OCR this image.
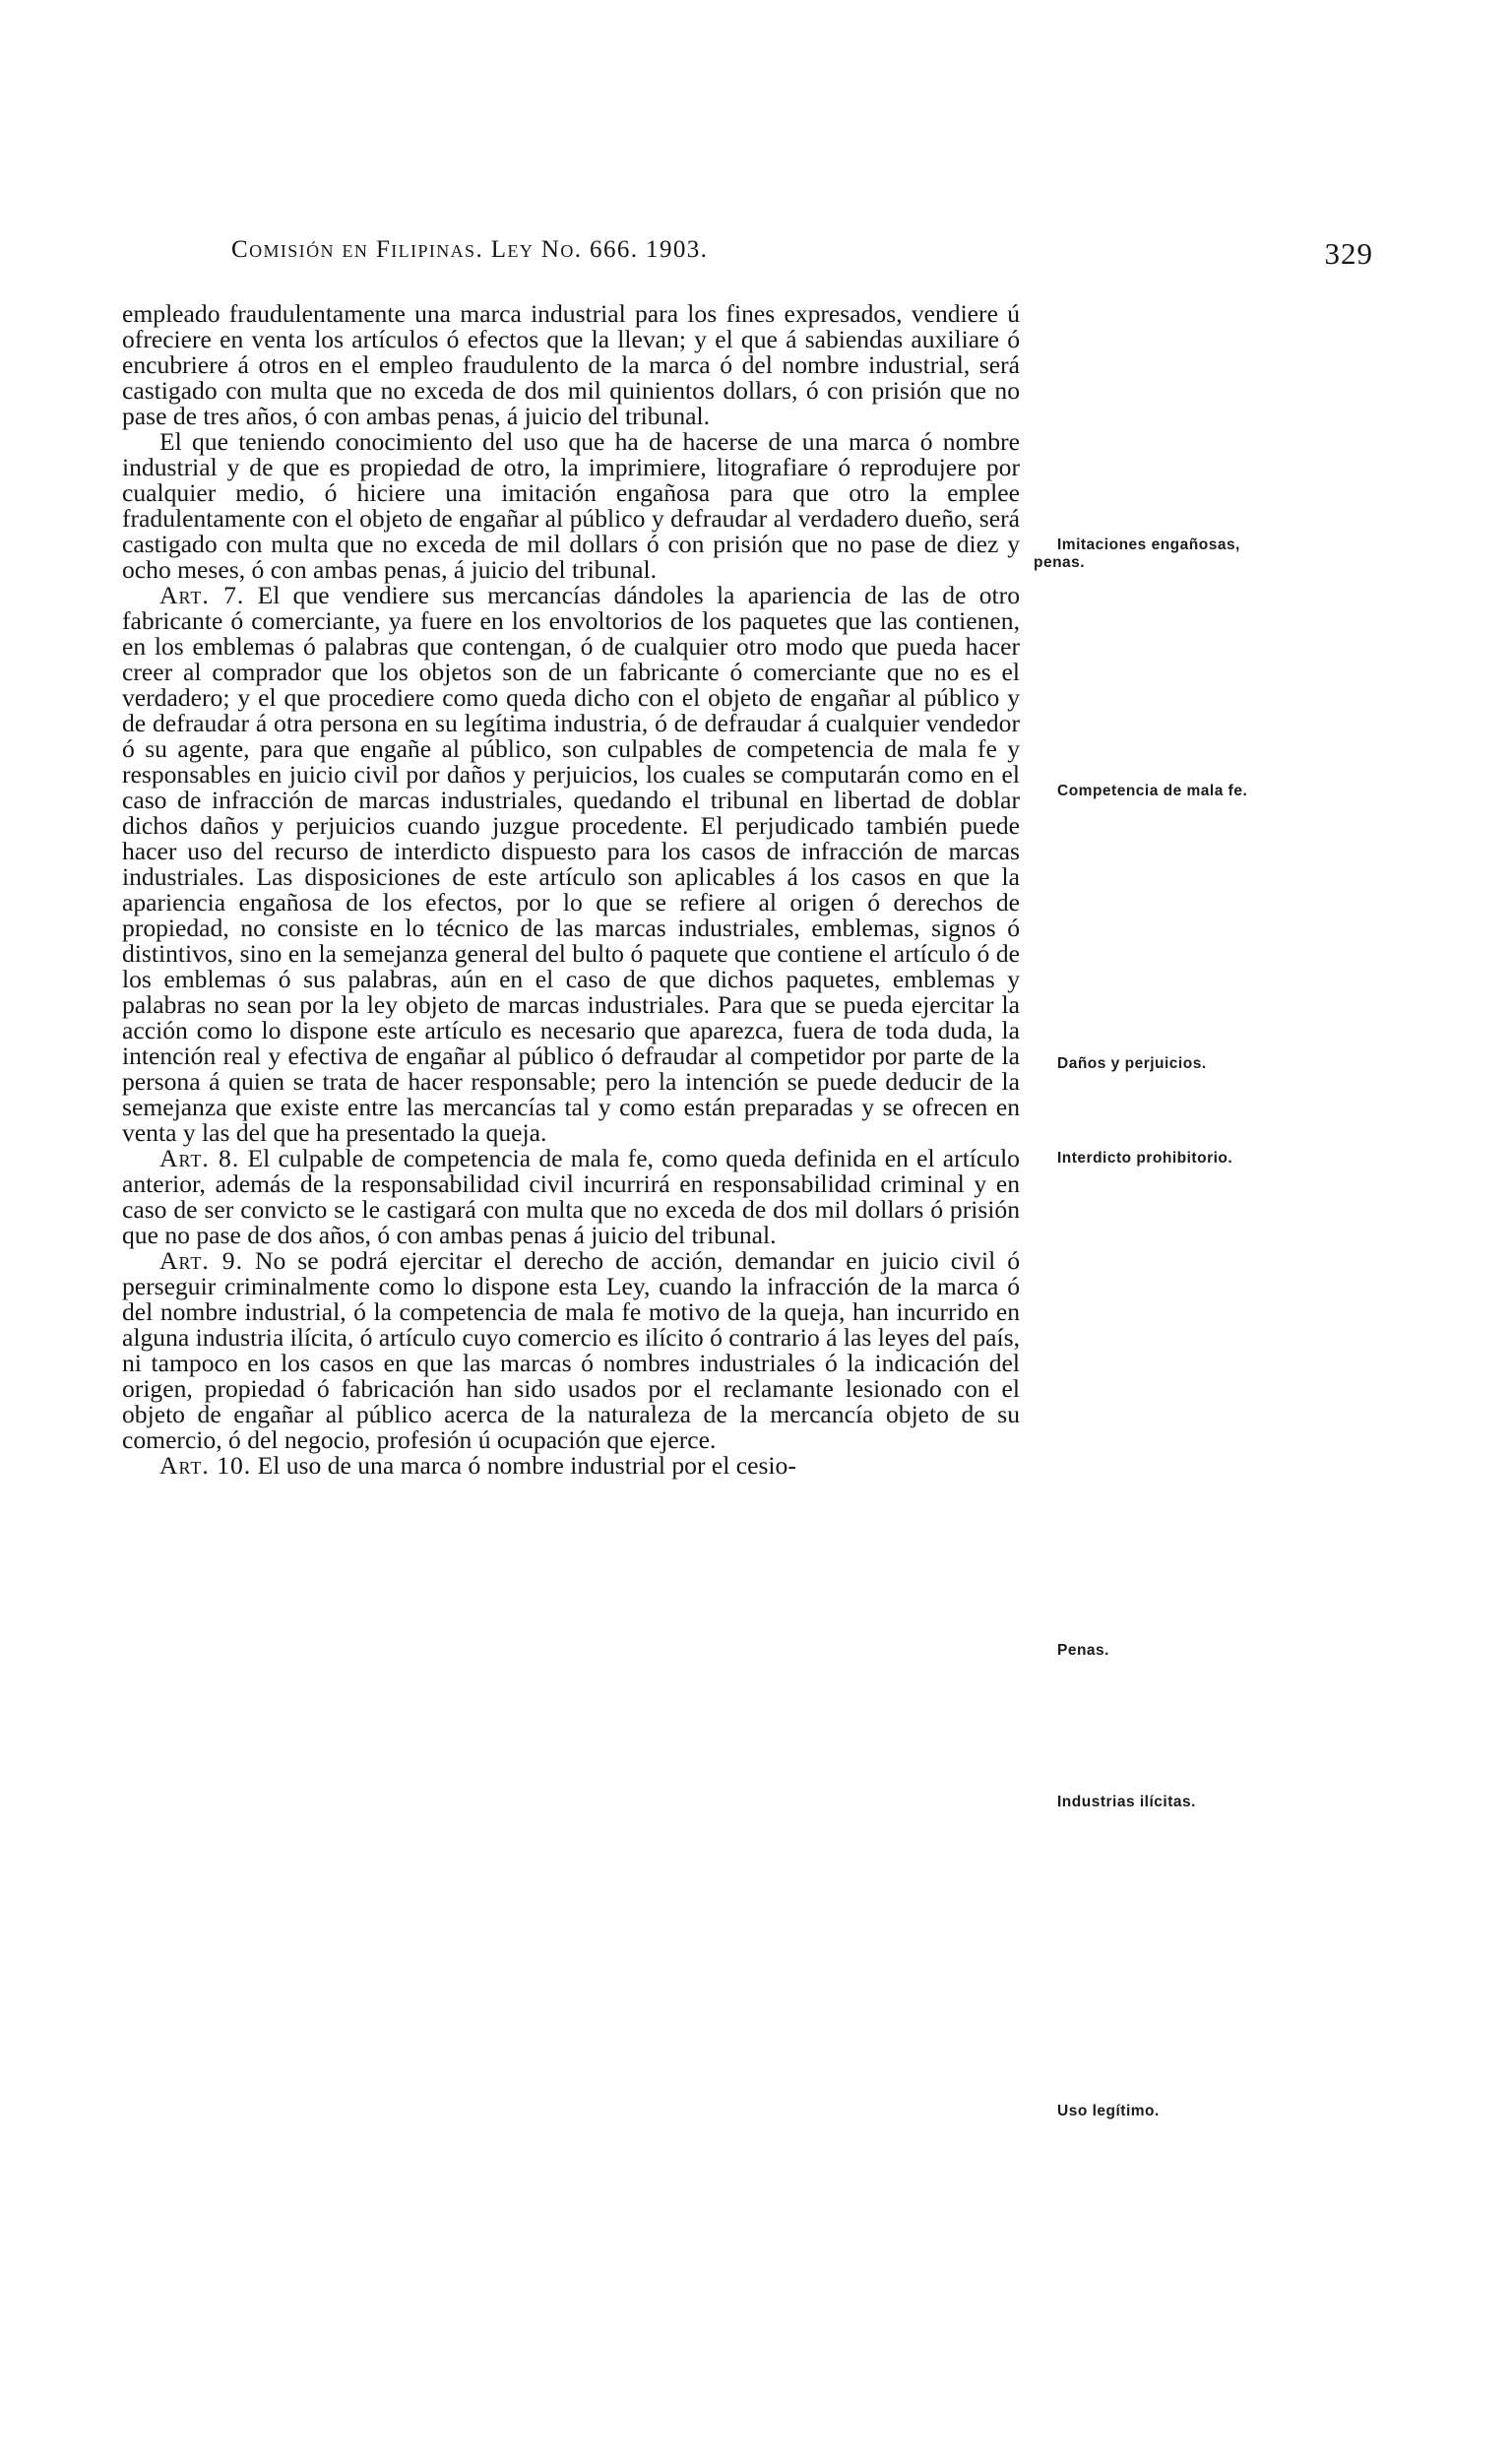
Comisión en Filipinas. Ley No. 666. 1903.	329

empleado fraudulentamente una marca industrial para los fines expresados, vendiere ú ofreciere en venta los artículos ó efectos que la llevan; y el que á sabiendas auxiliare ó encubriere á otros en el empleo fraudulento de la marca ó del nombre industrial, será castigado con multa que no exceda de dos mil quinientos dollars, ó con prisión que no pase de tres años, ó con ambas penas, á juicio del tribunal.

El que teniendo conocimiento del uso que ha de hacerse de una marca ó nombre industrial y de que es propiedad de otro, la imprimiere, litografiare ó reprodujere por cualquier medio, ó hiciere una imitación engañosa para que otro la emplee fradulentamente con el objeto de engañar al público y defraudar al verdadero dueño, será castigado con multa que no exceda de mil dollars ó con prisión que no pase de diez y ocho meses, ó con ambas penas, á juicio del tribunal.

Art. 7. El que vendiere sus mercancías dándoles la apariencia de las de otro fabricante ó comerciante, ya fuere en los envoltorios de los paquetes que las contienen, en los emblemas ó palabras que contengan, ó de cualquier otro modo que pueda hacer creer al comprador que los objetos son de un fabricante ó comerciante que no es el verdadero; y el que procediere como queda dicho con el objeto de engañar al público y de defraudar á otra persona en su legítima industria, ó de defraudar á cualquier vendedor ó su agente, para que engañe al público, son culpables de competencia de mala fe y responsables en juicio civil por daños y perjuicios, los cuales se computarán como en el caso de infracción de marcas industriales, quedando el tribunal en libertad de doblar dichos daños y perjuicios cuando juzgue procedente. El perjudicado también puede hacer uso del recurso de interdicto dispuesto para los casos de infracción de marcas industriales. Las disposiciones de este artículo son aplicables á los casos en que la apariencia engañosa de los efectos, por lo que se refiere al origen ó derechos de propiedad, no consiste en lo técnico de las marcas industriales, emblemas, signos ó distintivos, sino en la semejanza general del bulto ó paquete que contiene el artículo ó de los emblemas ó sus palabras, aún en el caso de que dichos paquetes, emblemas y palabras no sean por la ley objeto de marcas industriales. Para que se pueda ejercitar la acción como lo dispone este artículo es necesario que aparezca, fuera de toda duda, la intención real y efectiva de engañar al público ó defraudar al competidor por parte de la persona á quien se trata de hacer responsable; pero la intención se puede deducir de la semejanza que existe entre las mercancías tal y como están preparadas y se ofrecen en venta y las del que ha presentado la queja.

Art. 8. El culpable de competencia de mala fe, como queda definida en el artículo anterior, además de la responsabilidad civil incurrirá en responsabilidad criminal y en caso de ser convicto se le castigará con multa que no exceda de dos mil dollars ó prisión que no pase de dos años, ó con ambas penas á juicio del tribunal.

Art. 9. No se podrá ejercitar el derecho de acción, demandar en juicio civil ó perseguir criminalmente como lo dispone esta Ley, cuando la infracción de la marca ó del nombre industrial, ó la competencia de mala fe motivo de la queja, han incurrido en alguna industria ilícita, ó artículo cuyo comercio es ilícito ó contrario á las leyes del país, ni tampoco en los casos en que las marcas ó nombres industriales ó la indicación del origen, propiedad ó fabricación han sido usados por el reclamante lesionado con el objeto de engañar al público acerca de la naturaleza de la mercancía objeto de su comercio, ó del negocio, profesión ú ocupación que ejerce.

Art. 10. El uso de una marca ó nombre industrial por el cesio-

Imitaciones engañosas, penas.
Competencia de mala fe.
Daños y perjuicios.
Interdicto prohibitorio.
Penas.
Industrias ilícitas.
Uso legítimo.
